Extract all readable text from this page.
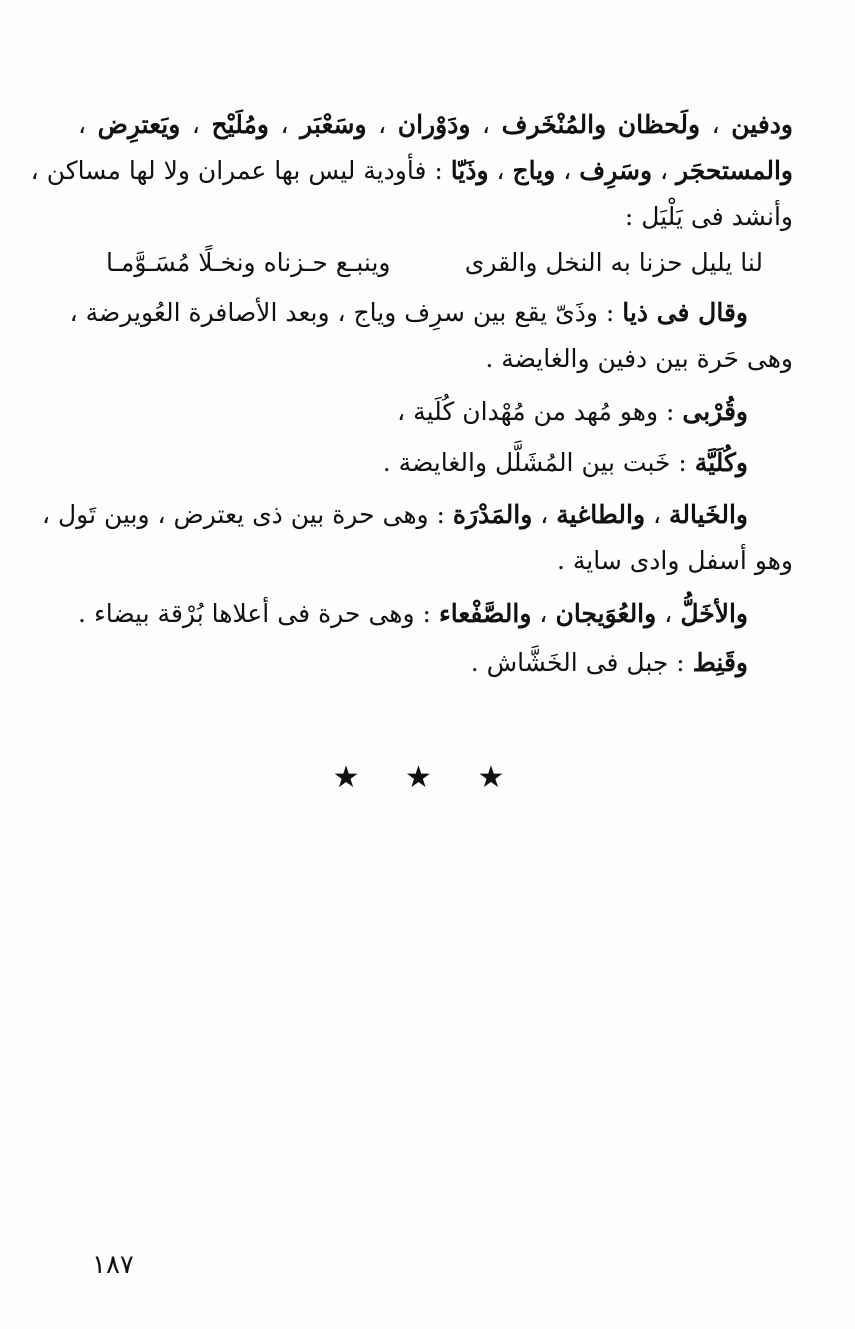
ودفين ، ولَحظان والمُنْخَرف ، ودَوْران ، وسَعْبَر ، ومُلَيْح ، ويَعترِض ،
والمستحجَر ، وسَرِف ، وياج ، وذَيّا : فأودية ليس بها عمران ولا لها مساكن ،
وأنشد فى يَلْيَل :
لنا يليل حزنا به النخل والقرى
وينبـع حـزناه ونخـلًا مُسَـوَّمـا
وقال فى ذيا : وذَىّ يقع بين سرِف وياج ، وبعد الأصافرة العُويرضة ،
وهى حَرة بين دفين والغايضة .
وقُرْبى : وهو مُهد من مُهْدان كُلَية ،
وكُلَيَّة : خَبت بين المُشَلَّل والغايضة .
والخَيالة ، والطاغية ، والمَدْرَة : وهى حرة بين ذى يعترض ، وبين تَول ،
وهو أسفل وادى ساية .
والأخَلُّ ، والعُوَيجان ، والصَّفْعاء : وهى حرة فى أعلاها بُرْقة بيضاء .
وقَنِط : جبل فى الخَشَّاش .
★ ★ ★
١٨٧
